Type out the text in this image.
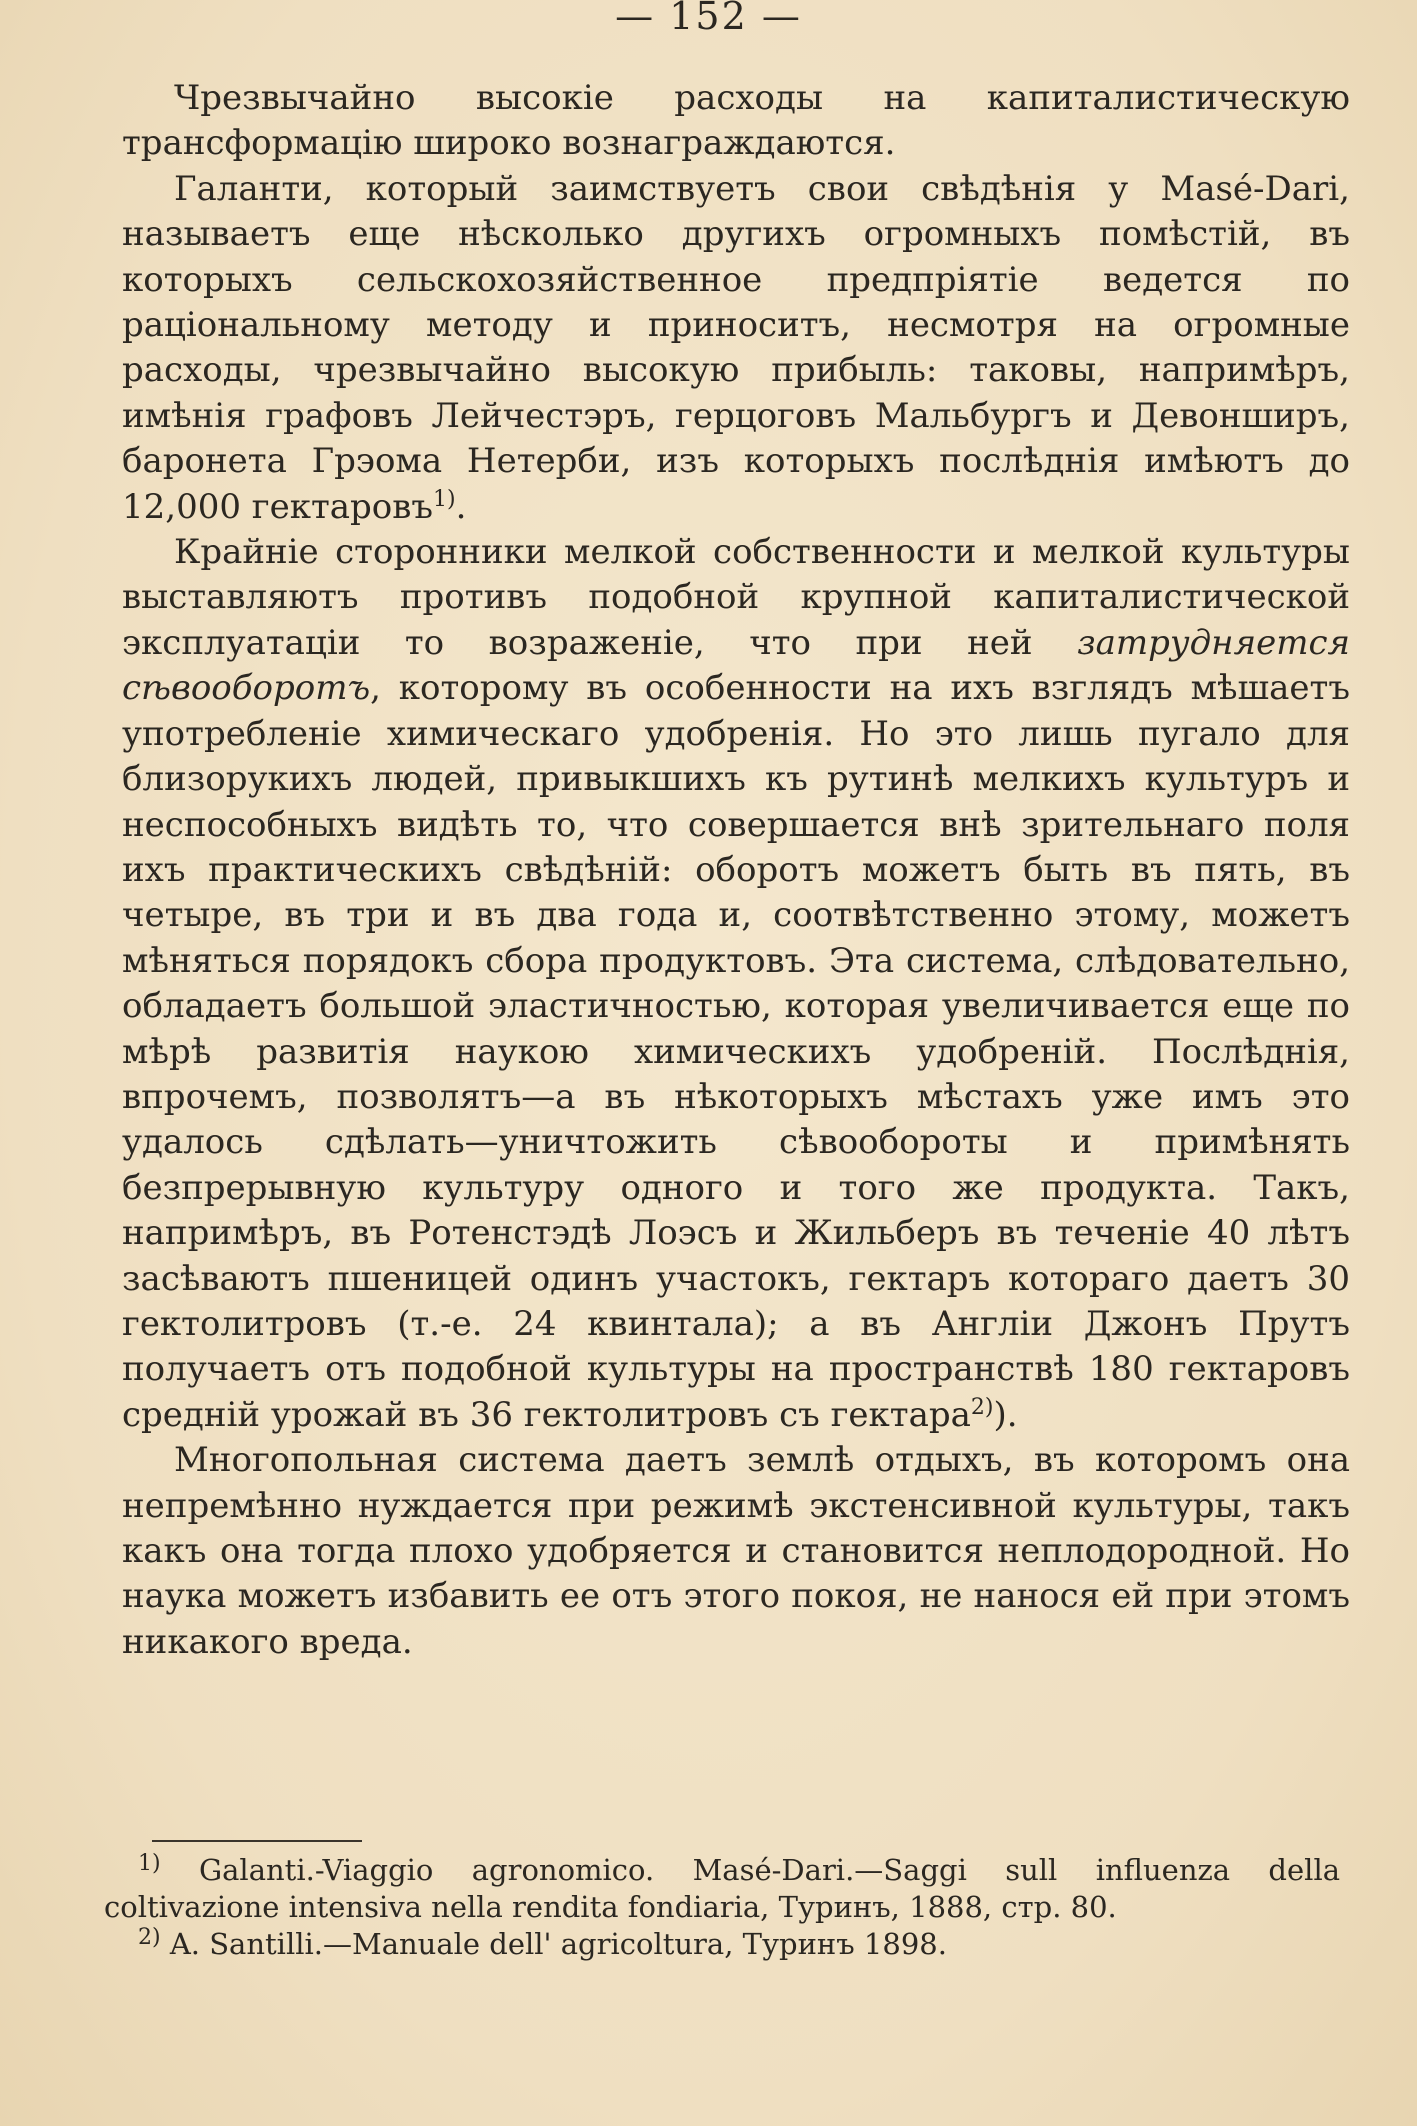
— 152 —

Чрезвычайно высокіе расходы на капиталистическую трансформацію широко вознаграждаются.

Галанти, который заимствуетъ свои свѣдѣнія у Masé-Dari, называетъ еще нѣсколько другихъ огромныхъ помѣстій, въ которыхъ сельскохозяйственное предпріятіе ведется по раціональному методу и приноситъ, несмотря на огромные расходы, чрезвычайно высокую прибыль: таковы, напримѣръ, имѣнія графовъ Лейчестэръ, герцоговъ Мальбургъ и Девонширъ, баронета Грэома Нетерби, изъ которыхъ послѣднія имѣютъ до 12,000 гектаровъ$^{1)}$.

Крайніе сторонники мелкой собственности и мелкой культуры выставляютъ противъ подобной крупной капиталистической эксплуатаціи то возраженіе, что при ней затрудняется сѣвооборотъ, которому въ особенности на ихъ взглядъ мѣшаетъ употребленіе химическаго удобренія. Но это лишь пугало для близорукихъ людей, привыкшихъ къ рутинѣ мелкихъ культуръ и неспособныхъ видѣть то, что совершается внѣ зрительнаго поля ихъ практическихъ свѣдѣній: оборотъ можетъ быть въ пять, въ четыре, въ три и въ два года и, соотвѣтственно этому, можетъ мѣняться порядокъ сбора продуктовъ. Эта система, слѣдовательно, обладаетъ большой эластичностью, которая увеличивается еще по мѣрѣ развитія наукою химическихъ удобреній. Послѣднія, впрочемъ, позволятъ—а въ нѣкоторыхъ мѣстахъ уже имъ это удалось сдѣлать—уничтожить сѣвообороты и примѣнять безпрерывную культуру одного и того же продукта. Такъ, напримѣръ, въ Ротенстэдѣ Лоэсъ и Жильберъ въ теченіе 40 лѣтъ засѣваютъ пшеницей одинъ участокъ, гектаръ котораго даетъ 30 гектолитровъ (т.-е. 24 квинтала); а въ Англіи Джонъ Прутъ получаетъ отъ подобной культуры на пространствѣ 180 гектаровъ средній урожай въ 36 гектолитровъ съ гектара$^{2)}$).

Многопольная система даетъ землѣ отдыхъ, въ которомъ она непремѣнно нуждается при режимѣ экстенсивной культуры, такъ какъ она тогда плохо удобряется и становится неплодородной. Но наука можетъ избавить ее отъ этого покоя, не нанося ей при этомъ никакого вреда.

$^{1)}$ Galanti.-Viaggio agronomico. Masé-Dari.—Saggi sull influenza della coltivazione intensiva nella rendita fondiaria, Туринъ, 1888, стр. 80.

$^{2)}$ A. Santilli.—Manuale dell' agricoltura, Туринъ 1898.
